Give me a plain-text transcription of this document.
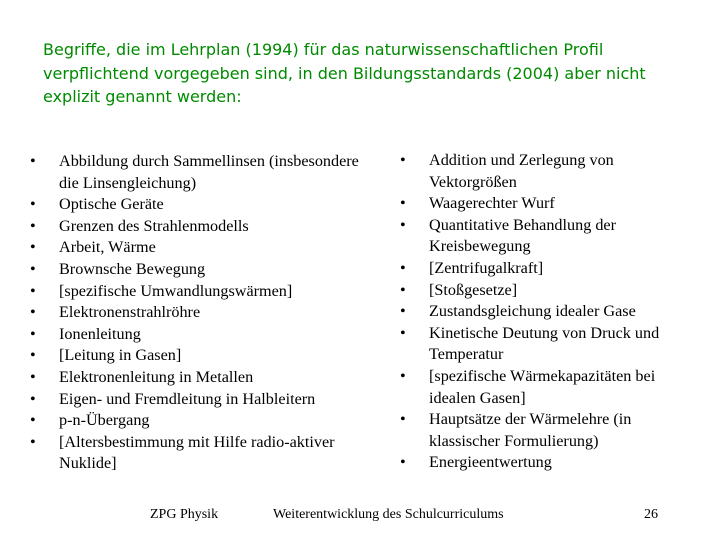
Begriffe, die im Lehrplan (1994) für das naturwissenschaftlichen Profil verpflichtend vorgegeben sind, in den Bildungsstandards (2004) aber nicht explizit genannt werden:
• Abbildung durch Sammellinsen (insbesondere die Linsengleichung)
• Optische Geräte
• Grenzen des Strahlenmodells
• Arbeit, Wärme
• Brownsche Bewegung
• [spezifische Umwandlungswärmen]
• Elektronenstrahlröhre
• Ionenleitung
• [Leitung in Gasen]
• Elektronenleitung in Metallen
• Eigen- und Fremdleitung in Halbleitern
• p-n-Übergang
• [Altersbestimmung mit Hilfe radio-aktiver Nuklide]
• Addition und Zerlegung von Vektorgrößen
• Waagerechter Wurf
• Quantitative Behandlung der Kreisbewegung
• [Zentrifugalkraft]
• [Stoßgesetze]
• Zustandsgleichung idealer Gase
• Kinetische Deutung von Druck und Temperatur
• [spezifische Wärmekapazitäten bei idealen Gasen]
• Hauptsätze der Wärmelehre (in klassischer Formulierung)
• Energieentwertung

ZPG Physik	Weiterentwicklung des Schulcurriculums	26
